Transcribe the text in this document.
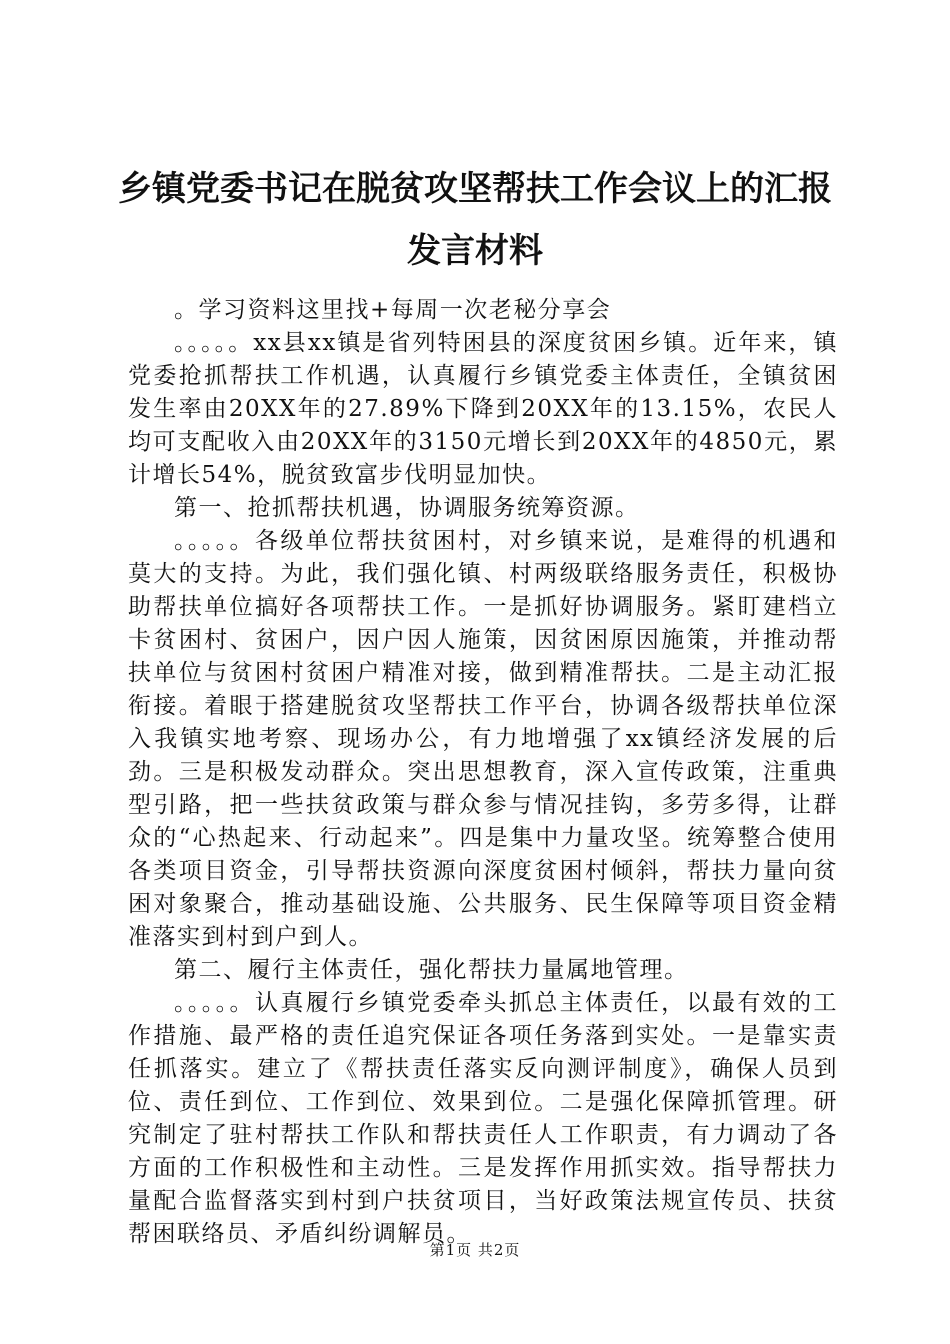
乡镇党委书记在脱贫攻坚帮扶工作会议上的汇报发言材料

。学习资料这里找+每周一次老秘分享会

。。。。。xx县xx镇是省列特困县的深度贫困乡镇。近年来，镇党委抢抓帮扶工作机遇，认真履行乡镇党委主体责任，全镇贫困发生率由20XX年的27.89%下降到20XX年的13.15%，农民人均可支配收入由20XX年的3150元增长到20XX年的4850元，累计增长54%，脱贫致富步伐明显加快。

第一、抢抓帮扶机遇，协调服务统筹资源。

。。。。。各级单位帮扶贫困村，对乡镇来说，是难得的机遇和莫大的支持。为此，我们强化镇、村两级联络服务责任，积极协助帮扶单位搞好各项帮扶工作。一是抓好协调服务。紧盯建档立卡贫困村、贫困户，因户因人施策，因贫困原因施策，并推动帮扶单位与贫困村贫困户精准对接，做到精准帮扶。二是主动汇报衔接。着眼于搭建脱贫攻坚帮扶工作平台，协调各级帮扶单位深入我镇实地考察、现场办公，有力地增强了xx镇经济发展的后劲。三是积极发动群众。突出思想教育，深入宣传政策，注重典型引路，把一些扶贫政策与群众参与情况挂钩，多劳多得，让群众的“心热起来、行动起来”。四是集中力量攻坚。统筹整合使用各类项目资金，引导帮扶资源向深度贫困村倾斜，帮扶力量向贫困对象聚合，推动基础设施、公共服务、民生保障等项目资金精准落实到村到户到人。

第二、履行主体责任，强化帮扶力量属地管理。

。。。。。认真履行乡镇党委牵头抓总主体责任，以最有效的工作措施、最严格的责任追究保证各项任务落到实处。一是靠实责任抓落实。建立了《帮扶责任落实反向测评制度》，确保人员到位、责任到位、工作到位、效果到位。二是强化保障抓管理。研究制定了驻村帮扶工作队和帮扶责任人工作职责，有力调动了各方面的工作积极性和主动性。三是发挥作用抓实效。指导帮扶力量配合监督落实到村到户扶贫项目，当好政策法规宣传员、扶贫帮困联络员、矛盾纠纷调解员。

第1页 共2页
